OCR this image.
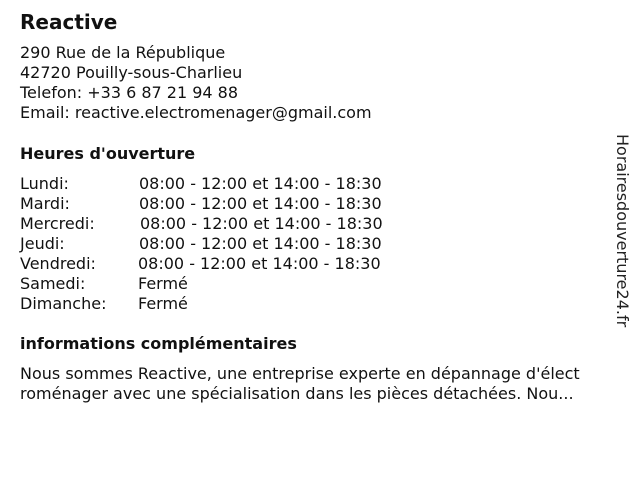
Reactive
290 Rue de la République
42720 Pouilly-sous-Charlieu
Telefon: +33 6 87 21 94 88
Email: reactive.electromenager@gmail.com
Heures d'ouverture
Lundi:	08:00 - 12:00 et 14:00 - 18:30
Mardi:	08:00 - 12:00 et 14:00 - 18:30
Mercredi:	08:00 - 12:00 et 14:00 - 18:30
Jeudi:	08:00 - 12:00 et 14:00 - 18:30
Vendredi:	08:00 - 12:00 et 14:00 - 18:30
Samedi:	Fermé
Dimanche: Fermé
informations complémentaires
Nous sommes Reactive, une entreprise experte en dépannage d'élect
roménager avec une spécialisation dans les pièces détachées. Nou...
Horairesdouverture24.fr
